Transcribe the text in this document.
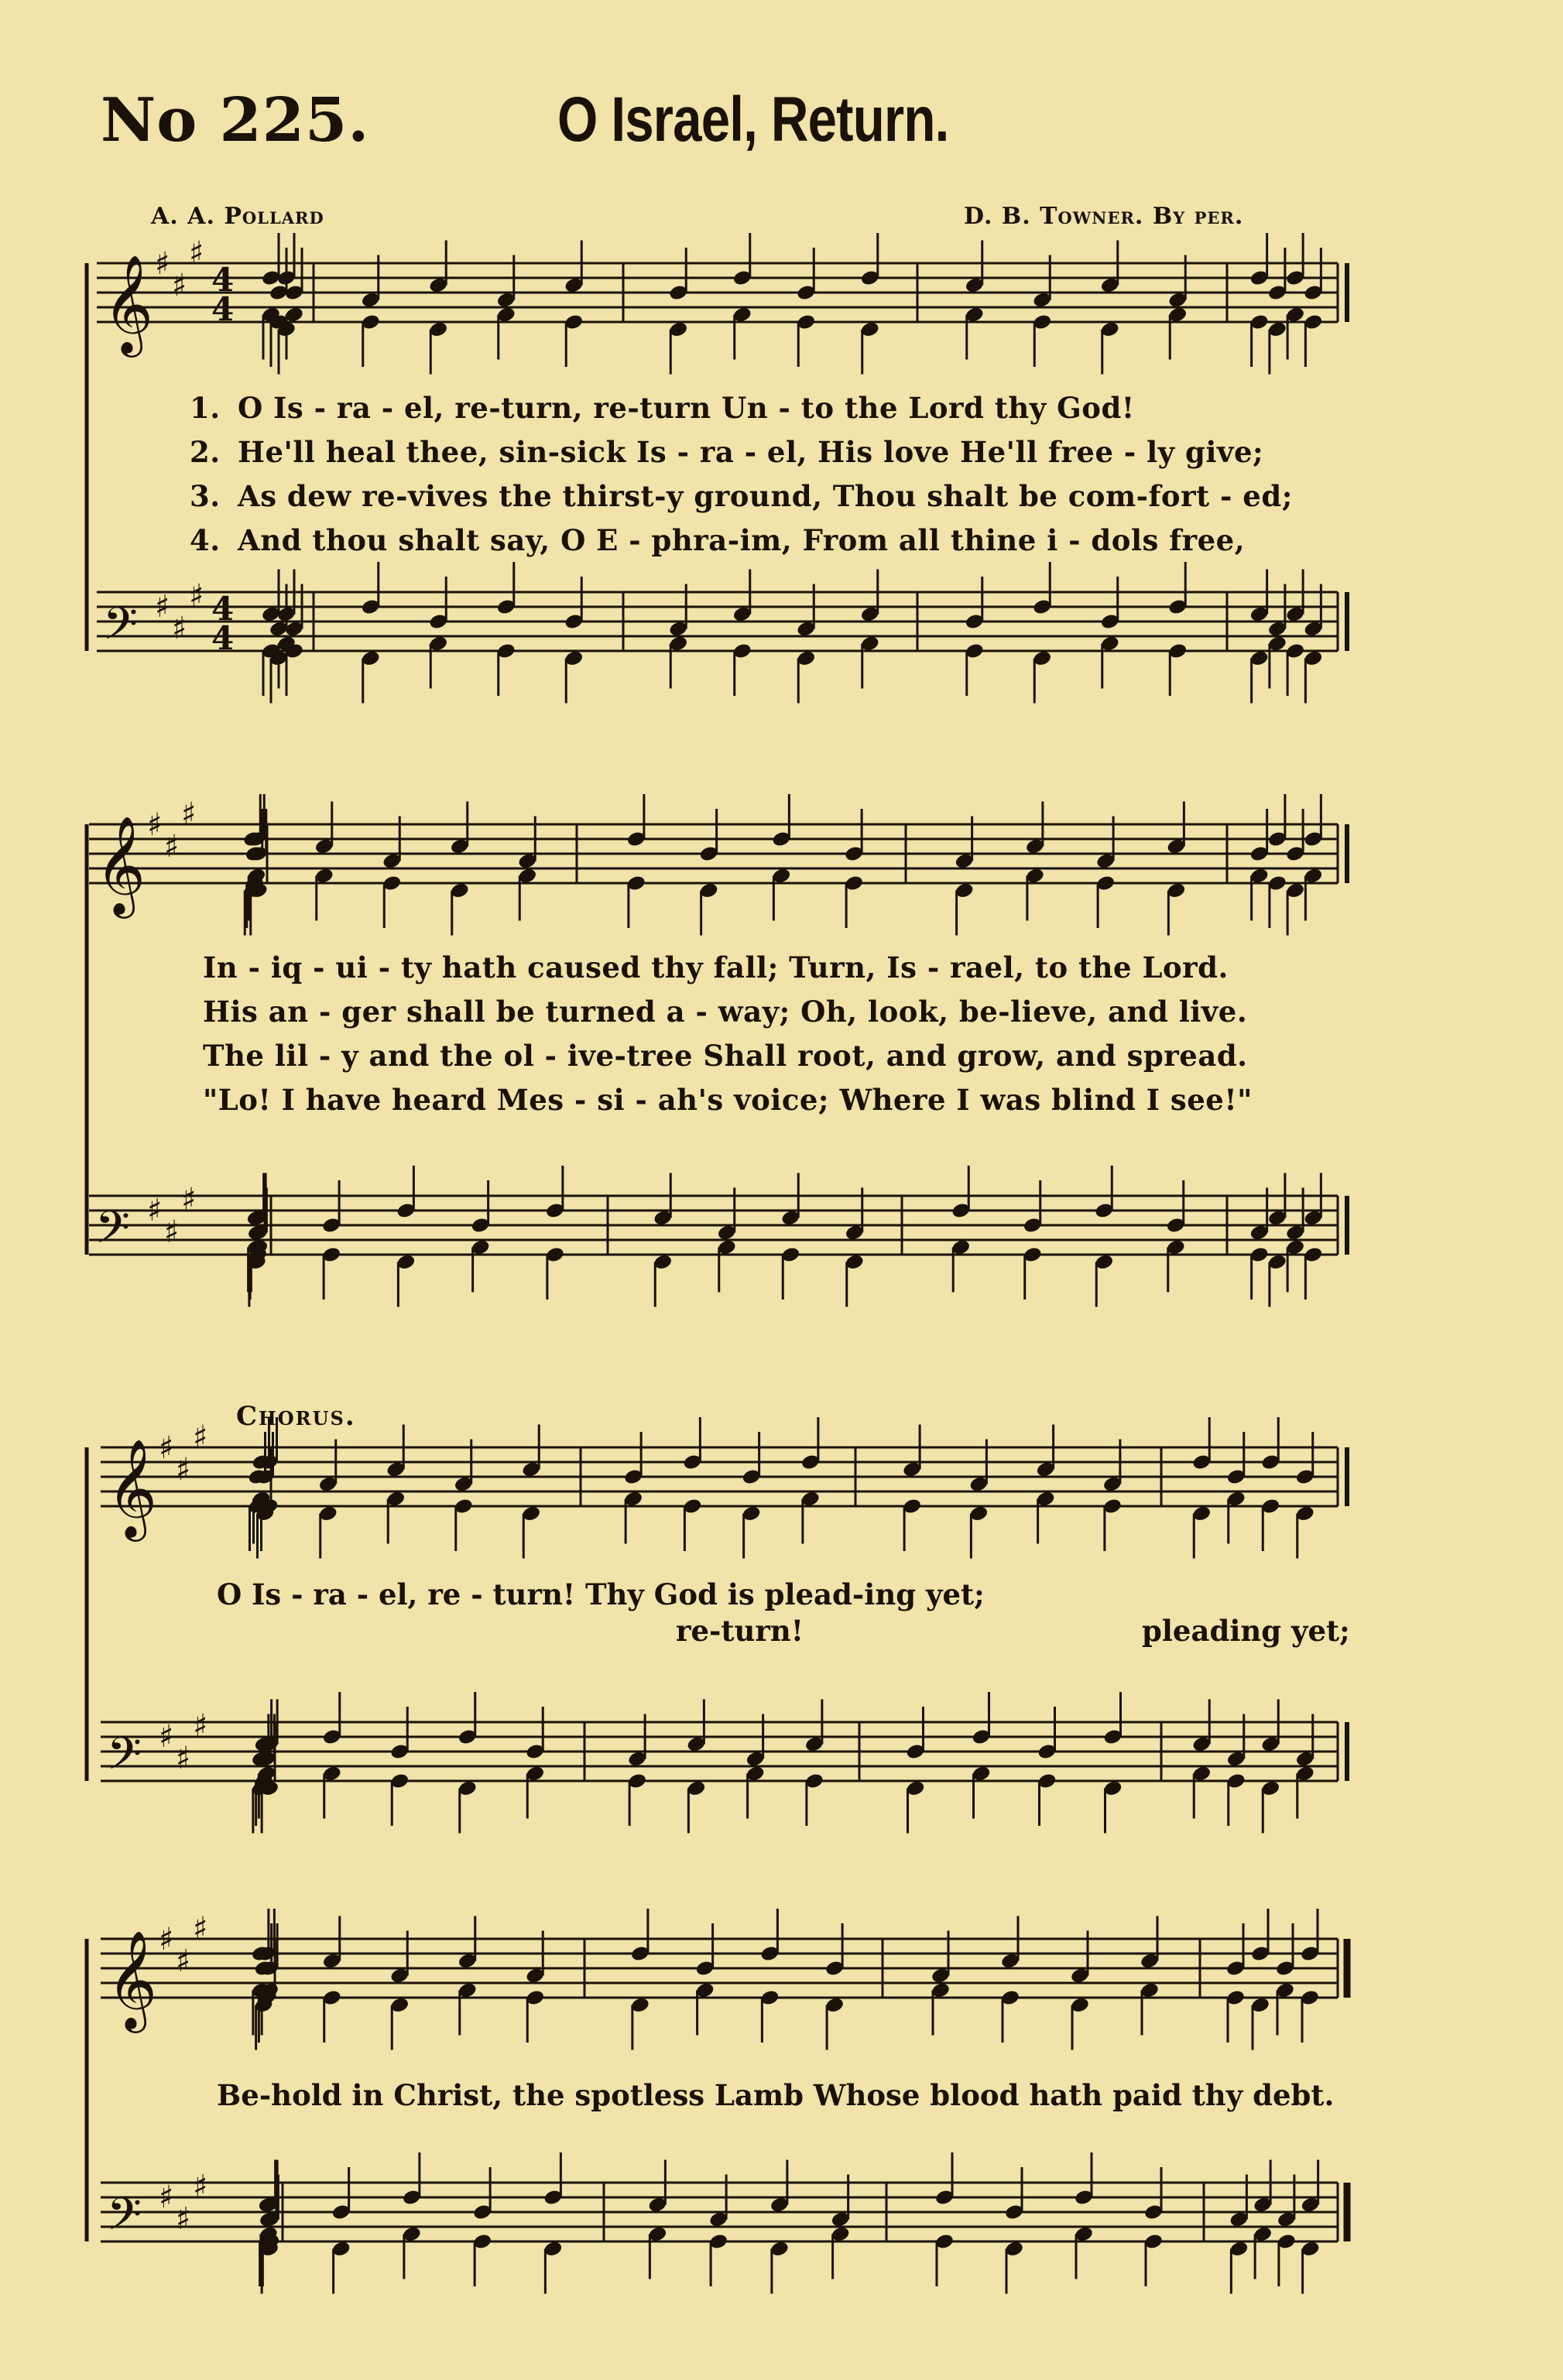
No 225.	O Israel, Return.
A. A. Pollard	D. B. Towner. By per.
𝄞 ♯
♯
♯
4
4
𝄢 ♯
♯
♯ 4
4
𝄞 ♯
♯
♯
𝄢 ♯
♯
♯
𝄞 ♯
♯
♯
𝄢 ♯
♯
♯
𝄞 ♯
♯
♯
𝄢 ♯
♯
♯
1. O Is - ra - el, re-turn, re-turn Un - to the Lord thy God!
2. He'll heal thee, sin-sick Is - ra - el, His love He'll free - ly give;
3. As dew re-vives the thirst-y ground, Thou shalt be com-fort - ed;
4. And thou shalt say, O E - phra-im, From all thine i - dols free,
In - iq - ui - ty hath caused thy fall; Turn, Is - rael, to the Lord.
His an - ger shall be turned a - way; Oh, look, be-lieve, and live.
The lil - y and the ol - ive-tree Shall root, and grow, and spread.
"Lo! I have heard Mes - si - ah's voice; Where I was blind I see!"
Chorus.
O Is - ra - el, re - turn! Thy God is plead-ing yet;
re-turn!	pleading yet;
Be-hold in Christ, the spotless Lamb Whose blood hath paid thy debt.
